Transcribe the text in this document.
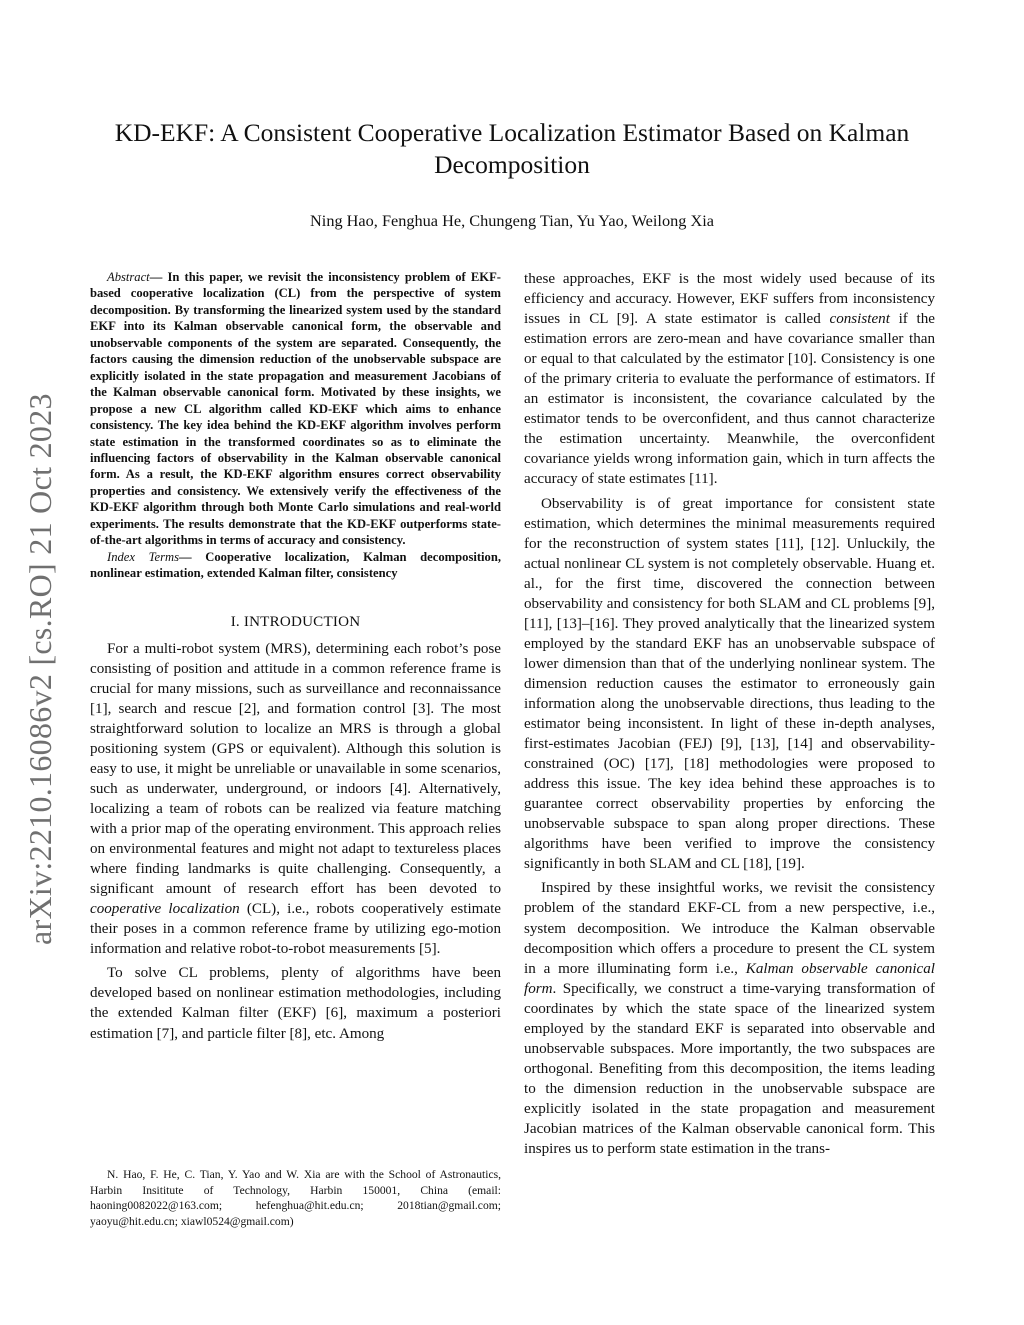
KD-EKF: A Consistent Cooperative Localization Estimator Based on Kalman Decomposition
Ning Hao, Fenghua He, Chungeng Tian, Yu Yao, Weilong Xia
arXiv:2210.16086v2 [cs.RO] 21 Oct 2023

Abstract— In this paper, we revisit the inconsistency problem of EKF-based cooperative localization (CL) from the perspective of system decomposition. By transforming the linearized system used by the standard EKF into its Kalman observable canonical form, the observable and unobservable components of the system are separated. Consequently, the factors causing the dimension reduction of the unobservable subspace are explicitly isolated in the state propagation and measurement Jacobians of the Kalman observable canonical form. Motivated by these insights, we propose a new CL algorithm called KD-EKF which aims to enhance consistency. The key idea behind the KD-EKF algorithm involves perform state estimation in the transformed coordinates so as to eliminate the influencing factors of observability in the Kalman observable canonical form. As a result, the KD-EKF algorithm ensures correct observability properties and consistency. We extensively verify the effectiveness of the KD-EKF algorithm through both Monte Carlo simulations and real-world experiments. The results demonstrate that the KD-EKF outperforms state-of-the-art algorithms in terms of accuracy and consistency.

Index Terms— Cooperative localization, Kalman decomposition, nonlinear estimation, extended Kalman filter, consistency

I. INTRODUCTION

For a multi-robot system (MRS), determining each robot’s pose consisting of position and attitude in a common reference frame is crucial for many missions, such as surveillance and reconnaissance [1], search and rescue [2], and formation control [3]. The most straightforward solution to localize an MRS is through a global positioning system (GPS or equivalent). Although this solution is easy to use, it might be unreliable or unavailable in some scenarios, such as underwater, underground, or indoors [4]. Alternatively, localizing a team of robots can be realized via feature matching with a prior map of the operating environment. This approach relies on environmental features and might not adapt to textureless places where finding landmarks is quite challenging. Consequently, a significant amount of research effort has been devoted to cooperative localization (CL), i.e., robots cooperatively estimate their poses in a common reference frame by utilizing ego-motion information and relative robot-to-robot measurements [5].

To solve CL problems, plenty of algorithms have been developed based on nonlinear estimation methodologies, including the extended Kalman filter (EKF) [6], maximum a posteriori estimation [7], and particle filter [8], etc. Among

these approaches, EKF is the most widely used because of its efficiency and accuracy. However, EKF suffers from inconsistency issues in CL [9]. A state estimator is called consistent if the estimation errors are zero-mean and have covariance smaller than or equal to that calculated by the estimator [10]. Consistency is one of the primary criteria to evaluate the performance of estimators. If an estimator is inconsistent, the covariance calculated by the estimator tends to be overconfident, and thus cannot characterize the estimation uncertainty. Meanwhile, the overconfident covariance yields wrong information gain, which in turn affects the accuracy of state estimates [11].

Observability is of great importance for consistent state estimation, which determines the minimal measurements required for the reconstruction of system states [11], [12]. Unluckily, the actual nonlinear CL system is not completely observable. Huang et. al., for the first time, discovered the connection between observability and consistency for both SLAM and CL problems [9], [11], [13]–[16]. They proved analytically that the linearized system employed by the standard EKF has an unobservable subspace of lower dimension than that of the underlying nonlinear system. The dimension reduction causes the estimator to erroneously gain information along the unobservable directions, thus leading to the estimator being inconsistent. In light of these in-depth analyses, first-estimates Jacobian (FEJ) [9], [13], [14] and observability-constrained (OC) [17], [18] methodologies were proposed to address this issue. The key idea behind these approaches is to guarantee correct observability properties by enforcing the unobservable subspace to span along proper directions. These algorithms have been verified to improve the consistency significantly in both SLAM and CL [18], [19].

Inspired by these insightful works, we revisit the consistency problem of the standard EKF-CL from a new perspective, i.e., system decomposition. We introduce the Kalman observable decomposition which offers a procedure to present the CL system in a more illuminating form i.e., Kalman observable canonical form. Specifically, we construct a time-varying transformation of coordinates by which the state space of the linearized system employed by the standard EKF is separated into observable and unobservable subspaces. More importantly, the two subspaces are orthogonal. Benefiting from this decomposition, the items leading to the dimension reduction in the unobservable subspace are explicitly isolated in the state propagation and measurement Jacobian matrices of the Kalman observable canonical form. This inspires us to perform state estimation in the trans-

N. Hao, F. He, C. Tian, Y. Yao and W. Xia are with the School of Astronautics, Harbin Insititute of Technology, Harbin 150001, China (email: haoning0082022@163.com; hefenghua@hit.edu.cn; 2018tian@gmail.com; yaoyu@hit.edu.cn; xiawl0524@gmail.com)
